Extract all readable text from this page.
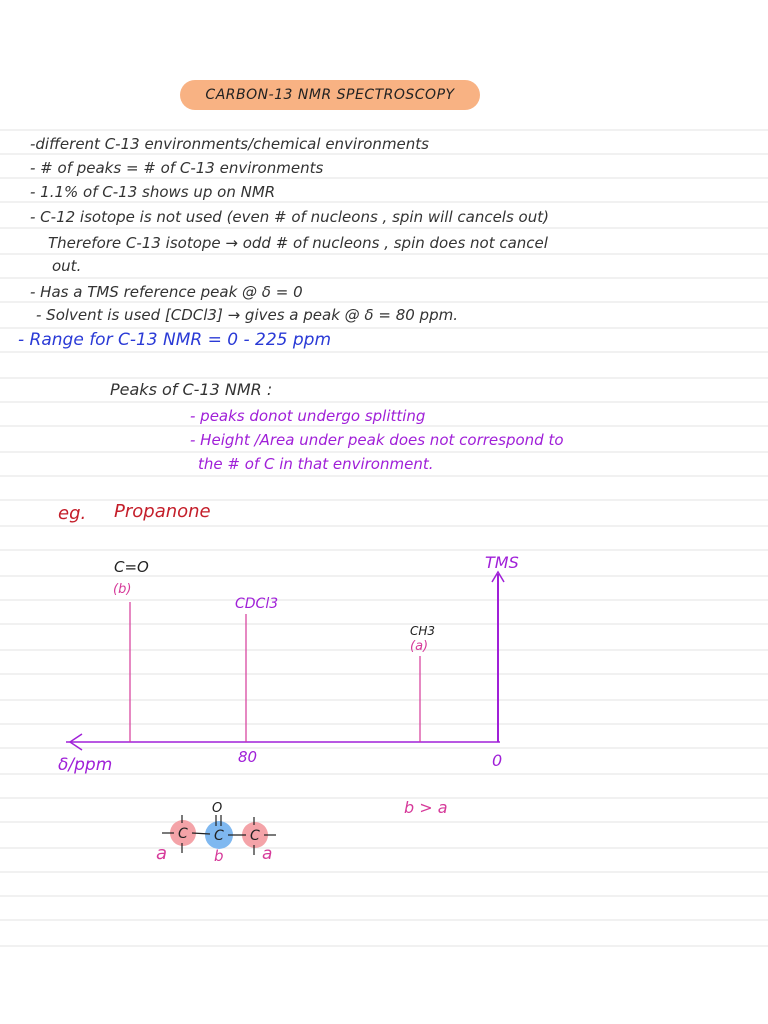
CARBON-13 NMR SPECTROSCOPY
-different C-13 environments/chemical environments
- # of peaks = # of C-13 environments
- 1.1% of C-13 shows up on NMR
- C-12 isotope is not used (even # of nucleons , spin will cancels out)
Therefore C-13 isotope → odd # of nucleons , spin does not cancel
out.
- Has a TMS reference peak @ δ = 0
- Solvent is used [CDCl3] → gives a peak @ δ = 80 ppm.
- Range for C-13 NMR = 0 - 225 ppm
Peaks of C-13 NMR :
- peaks donot undergo splitting
- Height /Area under peak does not correspond to
the # of C in that environment.
eg. Propanone
C=O
(b)
CDCl3
CH3
(a)
TMS
δ/ppm	80	0
O
C C C
a	b a
b > a
